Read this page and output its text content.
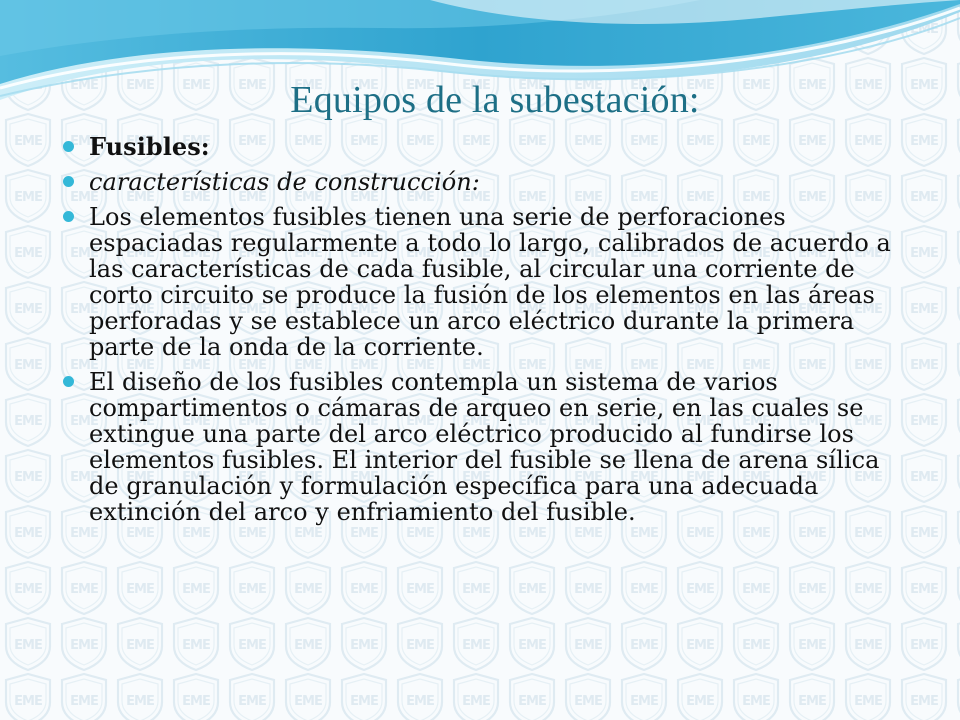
Equipos de la subestación:
Fusibles:
características de construcción:
Los elementos fusibles tienen una serie de perforaciones espaciadas regularmente a todo lo largo, calibrados de acuerdo a las características de cada fusible, al circular una corriente de corto circuito se produce la fusión de los elementos en las áreas perforadas y se establece un arco eléctrico durante la primera parte de la onda de la corriente.
El diseño de los fusibles contempla un sistema de varios compartimentos o cámaras de arqueo en serie, en las cuales se extingue una parte del arco eléctrico producido al fundirse los elementos fusibles. El interior del fusible se llena de arena sílica de granulación y formulación específica para una adecuada extinción del arco y enfriamiento del fusible.
